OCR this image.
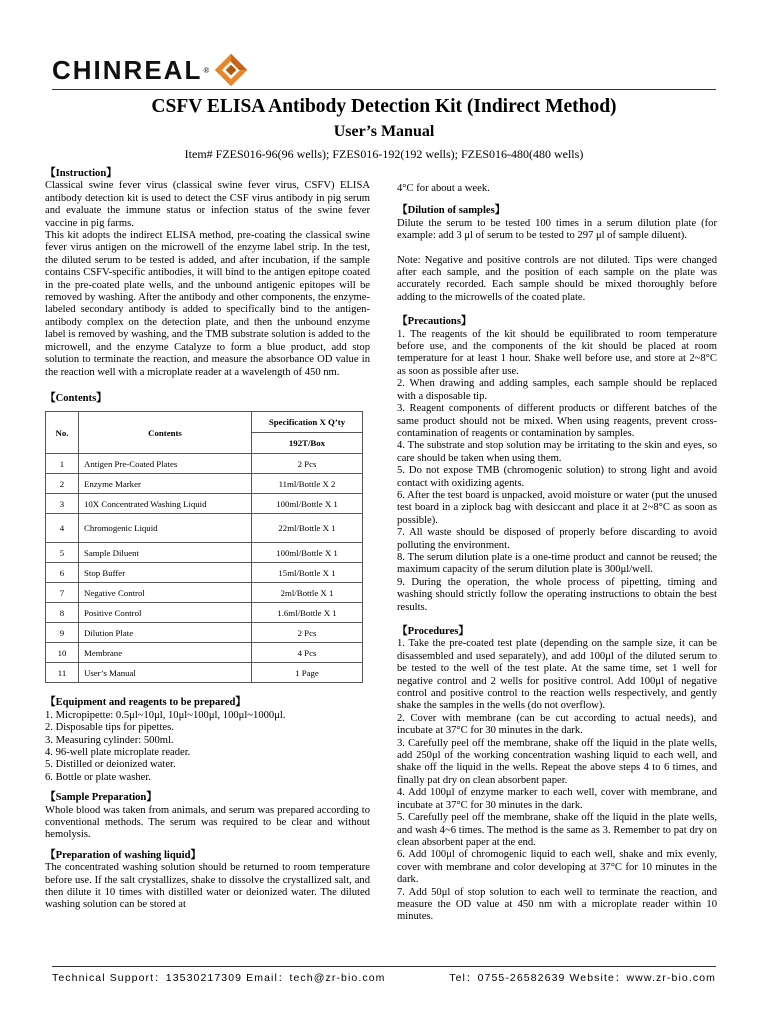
CHINREAL ®
CSFV ELISA Antibody Detection Kit (Indirect Method)
User’s Manual
Item# FZES016-96(96 wells); FZES016-192(192 wells); FZES016-480(480 wells)
【Instruction】

Classical swine fever virus (classical swine fever virus, CSFV) ELISA antibody detection kit is used to detect the CSF virus antibody in pig serum and evaluate the immune status or infection status of the swine fever vaccine in pig farms.

This kit adopts the indirect ELISA method, pre-coating the classical swine fever virus antigen on the microwell of the enzyme label strip. In the test, the diluted serum to be tested is added, and after incubation, if the sample contains CSFV-specific antibodies, it will bind to the antigen epitope coated in the pre-coated plate wells, and the unbound antigenic epitopes will be removed by washing. After the antibody and other components, the enzyme-labeled secondary antibody is added to specifically bind to the antigen-antibody complex on the detection plate, and then the unbound enzyme label is removed by washing, and the TMB substrate solution is added to the microwell, and the enzyme Catalyze to form a blue product, add stop solution to terminate the reaction, and measure the absorbance OD value in the reaction well with a microplate reader at a wavelength of 450 nm.

【Contents】
No.	Contents	Specification X Q’ty
		192T/Box
1	Antigen Pre-Coated Plates	2 Pcs
2	Enzyme Marker	11ml/Bottle X 2
3	10X Concentrated Washing Liquid	100ml/Bottle X 1
4	Chromogenic Liquid	22ml/Bottle X 1
5	Sample Diluent	100ml/Bottle X 1
6	Stop Buffer	15ml/Bottle X 1
7	Negative Control	2ml/Bottle X 1
8	Positive Control	1.6ml/Bottle X 1
9	Dilution Plate	2 Pcs
10	Membrane	4 Pcs
11	User’s Manual	1 Page
【Equipment and reagents to be prepared】

1. Micropipette: 0.5μl~10μl, 10μl~100μl, 100μl~1000μl.

2. Disposable tips for pipettes.

3. Measuring cylinder: 500ml.

4. 96-well plate microplate reader.

5. Distilled or deionized water.

6. Bottle or plate washer.

【Sample Preparation】

Whole blood was taken from animals, and serum was prepared according to conventional methods. The serum was required to be clear and without hemolysis.

【Preparation of washing liquid】

The concentrated washing solution should be returned to room temperature before use. If the salt crystallizes, shake to dissolve the crystallized salt, and then dilute it 10 times with distilled water or deionized water. The diluted washing solution can be stored at

4°C for about a week.

【Dilution of samples】

Dilute the serum to be tested 100 times in a serum dilution plate (for example: add 3 μl of serum to be tested to 297 μl of sample diluent).

Note: Negative and positive controls are not diluted. Tips were changed after each sample, and the position of each sample on the plate was accurately recorded. Each sample should be mixed thoroughly before adding to the microwells of the coated plate.

【Precautions】

1. The reagents of the kit should be equilibrated to room temperature before use, and the components of the kit should be placed at room temperature for at least 1 hour. Shake well before use, and store at 2~8°C as soon as possible after use.

2. When drawing and adding samples, each sample should be replaced with a disposable tip.

3. Reagent components of different products or different batches of the same product should not be mixed. When using reagents, prevent cross-contamination of reagents or contamination by samples.

4. The substrate and stop solution may be irritating to the skin and eyes, so care should be taken when using them.

5. Do not expose TMB (chromogenic solution) to strong light and avoid contact with oxidizing agents.

6. After the test board is unpacked, avoid moisture or water (put the unused test board in a ziplock bag with desiccant and place it at 2~8°C as soon as possible).

7. All waste should be disposed of properly before discarding to avoid polluting the environment.

8. The serum dilution plate is a one-time product and cannot be reused; the maximum capacity of the serum dilution plate is 300μl/well.

9. During the operation, the whole process of pipetting, timing and washing should strictly follow the operating instructions to obtain the best results.

【Procedures】

1. Take the pre-coated test plate (depending on the sample size, it can be disassembled and used separately), and add 100μl of the diluted serum to be tested to the well of the test plate. At the same time, set 1 well for negative control and 2 wells for positive control. Add 100μl of negative control and positive control to the reaction wells respectively, and gently shake the samples in the wells (do not overflow).

2. Cover with membrane (can be cut according to actual needs), and incubate at 37°C for 30 minutes in the dark.

3. Carefully peel off the membrane, shake off the liquid in the plate wells, add 250μl of the working concentration washing liquid to each well, and shake off the liquid in the wells. Repeat the above steps 4 to 6 times, and finally pat dry on clean absorbent paper.

4. Add 100μl of enzyme marker to each well, cover with membrane, and incubate at 37°C for 30 minutes in the dark.

5. Carefully peel off the membrane, shake off the liquid in the plate wells, and wash 4~6 times. The method is the same as 3. Remember to pat dry on clean absorbent paper at the end.

6. Add 100μl of chromogenic liquid to each well, shake and mix evenly, cover with membrane and color developing at 37°C for 10 minutes in the dark.

7. Add 50μl of stop solution to each well to terminate the reaction, and measure the OD value at 450 nm with a microplate reader within 10 minutes.

Technical Support：13530217309 Email：tech@zr-bio.com	Tel：0755-26582639 Website：www.zr-bio.com
